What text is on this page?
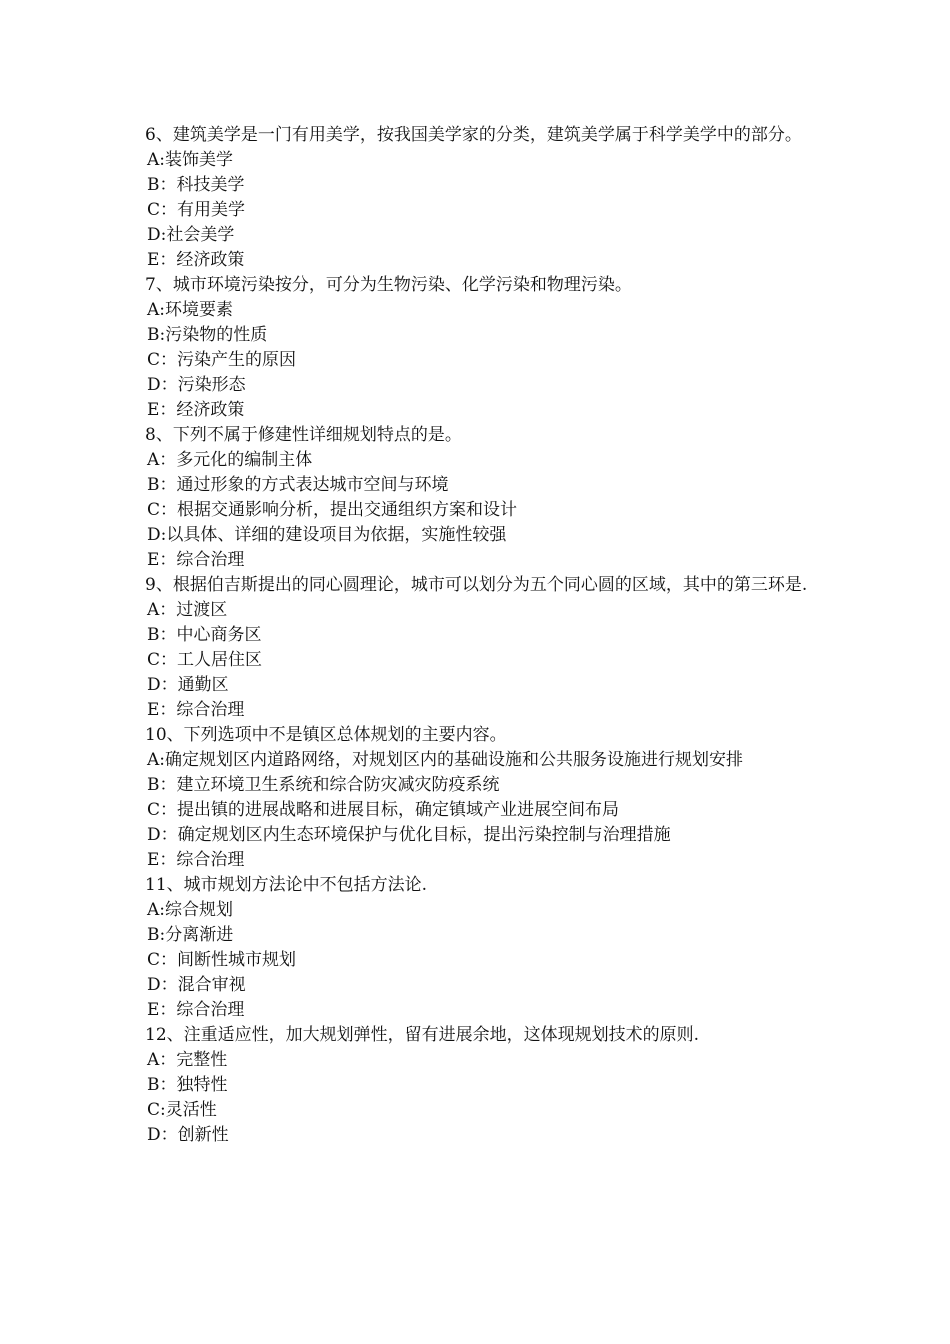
6、建筑美学是一门有用美学，按我国美学家的分类，建筑美学属于科学美学中的部分。

A:装饰美学

B：科技美学

C：有用美学

D:社会美学

E：经济政策

7、城市环境污染按分，可分为生物污染、化学污染和物理污染。

A:环境要素

B:污染物的性质

C：污染产生的原因

D：污染形态

E：经济政策

8、下列不属于修建性详细规划特点的是。

A：多元化的编制主体

B：通过形象的方式表达城市空间与环境

C：根据交通影响分析，提出交通组织方案和设计

D:以具体、详细的建设项目为依据，实施性较强

E：综合治理

9、根据伯吉斯提出的同心圆理论，城市可以划分为五个同心圆的区域，其中的第三环是.

A：过渡区

B：中心商务区

C：工人居住区

D：通勤区

E：综合治理

10、下列选项中不是镇区总体规划的主要内容。

A:确定规划区内道路网络，对规划区内的基础设施和公共服务设施进行规划安排

B：建立环境卫生系统和综合防灾减灾防疫系统

C：提出镇的进展战略和进展目标，确定镇域产业进展空间布局

D：确定规划区内生态环境保护与优化目标，提出污染控制与治理措施

E：综合治理

11、城市规划方法论中不包括方法论.

A:综合规划

B:分离渐进

C：间断性城市规划

D：混合审视

E：综合治理

12、注重适应性，加大规划弹性，留有进展余地，这体现规划技术的原则.

A：完整性

B：独特性

C:灵活性

D：创新性
